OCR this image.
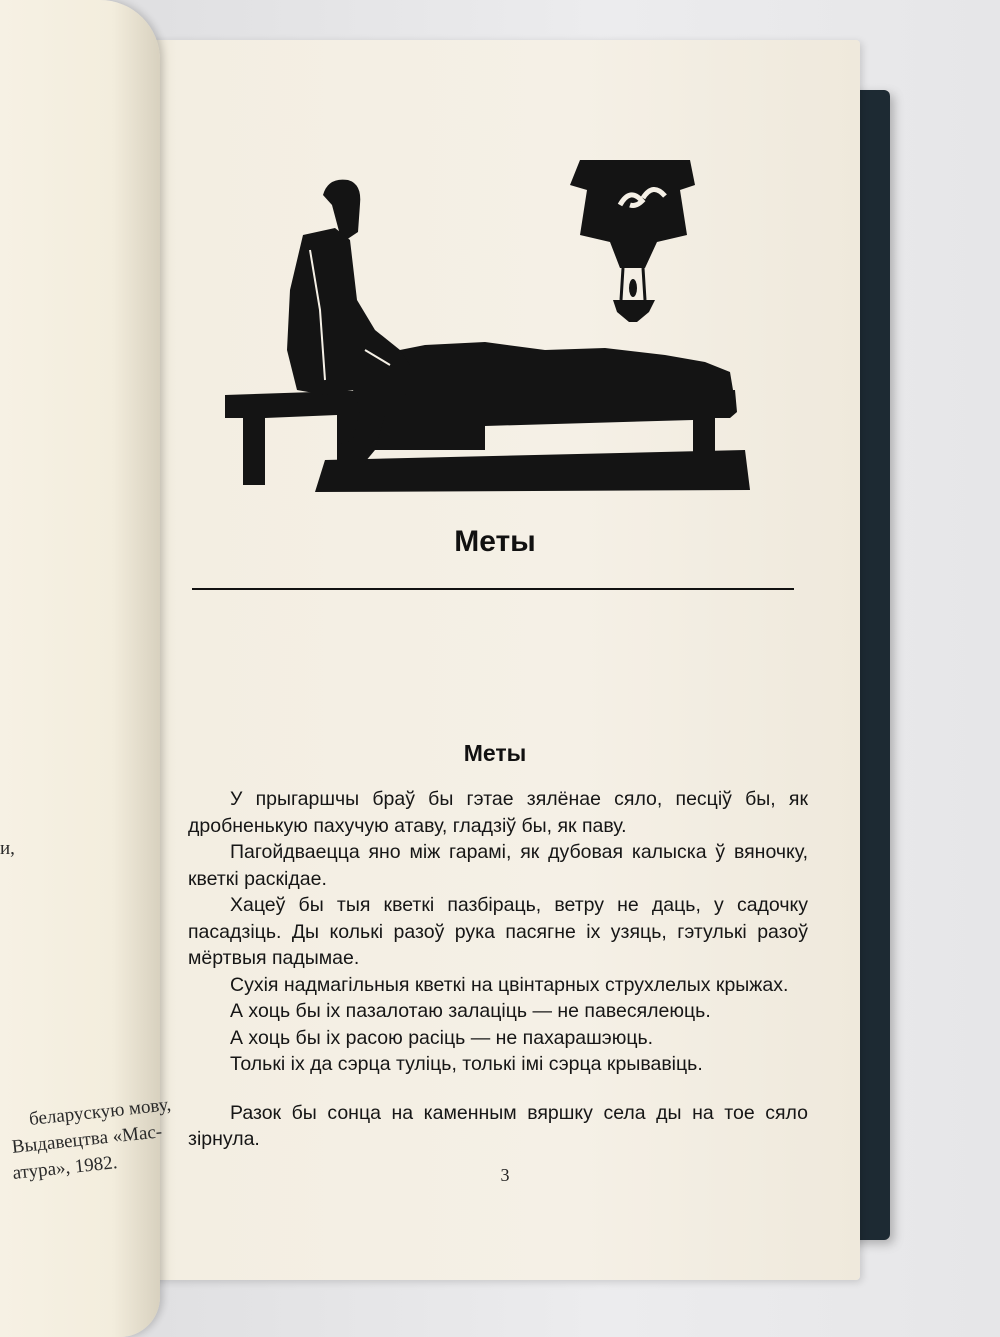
и,
беларускую мову,
Выдавецтва «Мас-
атура», 1982.
Меты
Меты

У прыгаршчы браў бы гэтае зялёнае сяло, песціў бы, як дробненькую пахучую атаву, гладзіў бы, як паву.

Пагойдваецца яно між гарамі, як дубовая калыска ў вяночку, кветкі раскідае.

Хацеў бы тыя кветкі пазбіраць, ветру не даць, у садочку пасадзіць. Ды колькі разоў рука пасягне іх узяць, гэтулькі разоў мёртвыя падымае.

Сухія надмагільныя кветкі на цвінтарных струхлелых крыжах.

А хоць бы іх пазалотаю залаціць — не павесялеюць.

А хоць бы іх расою расіць — не пахарашэюць.

Толькі іх да сэрца туліць, толькі імі сэрца крывавіць.

Разок бы сонца на каменным вяршку села ды на тое сяло зірнула.

3
